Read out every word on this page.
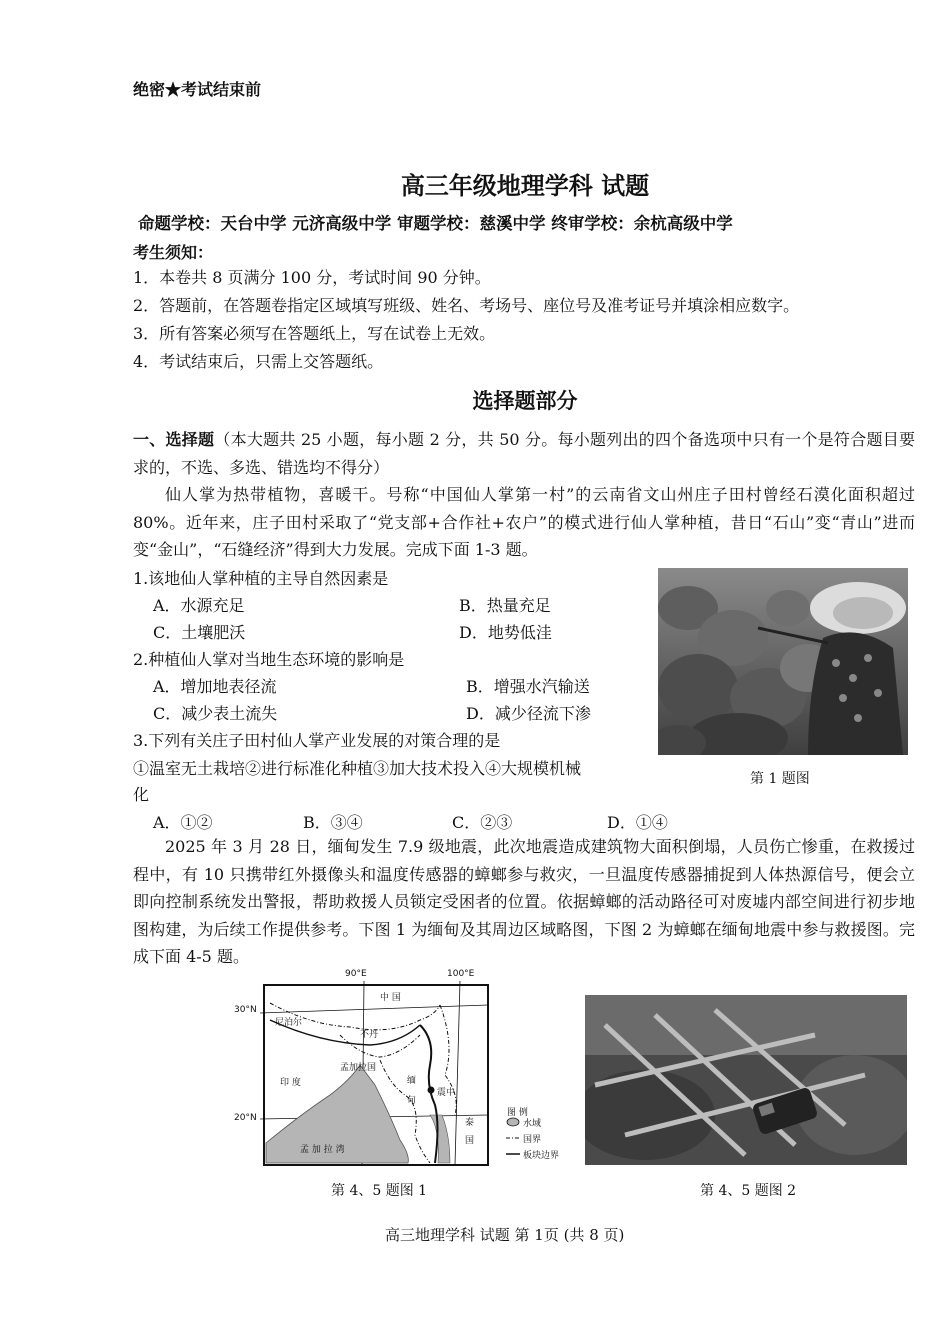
绝密★考试结束前
高三年级地理学科 试题
命题学校：天台中学 元济高级中学 审题学校：慈溪中学 终审学校：余杭高级中学
考生须知：
1．本卷共 8 页满分 100 分，考试时间 90 分钟。
2．答题前，在答题卷指定区域填写班级、姓名、考场号、座位号及准考证号并填涂相应数字。
3．所有答案必须写在答题纸上，写在试卷上无效。
4．考试结束后，只需上交答题纸。
选择题部分
一、选择题（本大题共 25 小题，每小题 2 分，共 50 分。每小题列出的四个备选项中只有一个是符合题目要求的，不选、多选、错选均不得分）
仙人掌为热带植物，喜暖干。号称“中国仙人掌第一村”的云南省文山州庄子田村曾经石漠化面积超过 80%。近年来，庄子田村采取了“党支部+合作社+农户”的模式进行仙人掌种植，昔日“石山”变“青山”进而变“金山”，“石缝经济”得到大力发展。完成下面 1-3 题。
1.该地仙人掌种植的主导自然因素是
A．水源充足	B．热量充足
C．土壤肥沃	D．地势低洼
2.种植仙人掌对当地生态环境的影响是
A．增加地表径流	B．增强水汽输送
C．减少表土流失	D．减少径流下渗
3.下列有关庄子田村仙人掌产业发展的对策合理的是
①温室无土栽培②进行标准化种植③加大技术投入④大规模机械
化
A．①②	B．③④	C．②③	D．①④
第 1 题图
2025 年 3 月 28 日，缅甸发生 7.9 级地震，此次地震造成建筑物大面积倒塌，人员伤亡惨重，在救援过程中，有 10 只携带红外摄像头和温度传感器的蟑螂参与救灾，一旦温度传感器捕捉到人体热源信号，便会立即向控制系统发出警报，帮助救援人员锁定受困者的位置。依据蟑螂的活动路径可对废墟内部空间进行初步地图构建，为后续工作提供参考。下图 1 为缅甸及其周边区域略图，下图 2 为蟑螂在缅甸地震中参与救援图。完成下面 4-5 题。
90°E	100°E
30°N
20°N
中 国
尼泊尔
不丹
印 度
孟加拉国
缅
甸
震中
泰
国
孟 加 拉 湾
图 例
水域
国界
板块边界
第 4、5 题图 1	第 4、5 题图 2
高三地理学科 试题 第 1页 (共 8 页)
